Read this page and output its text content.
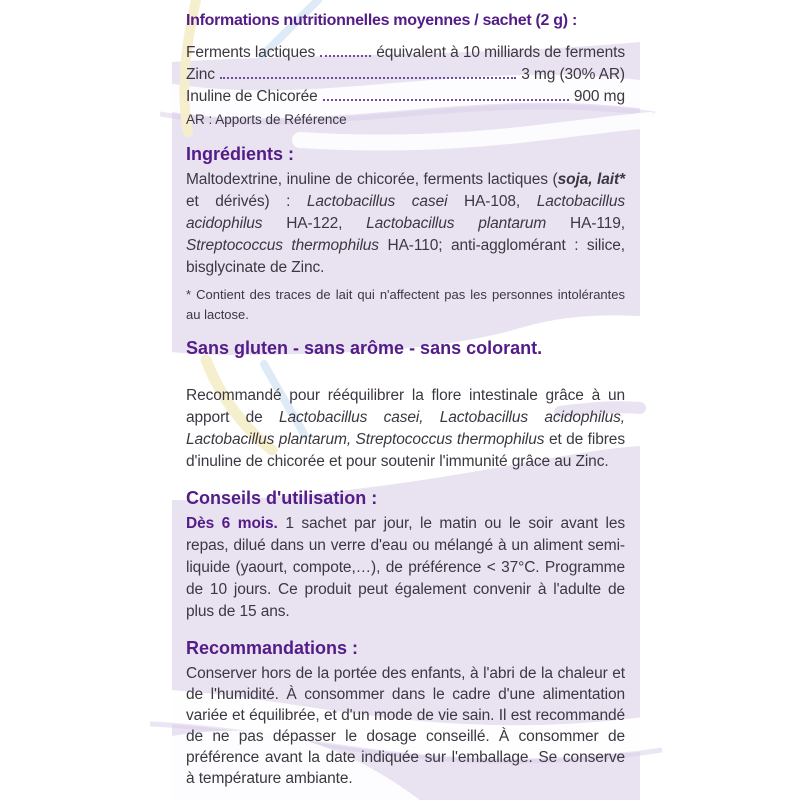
Informations nutritionnelles moyennes / sachet (2 g) :
Ferments lactiques	équivalent à 10 milliards de ferments
Zinc	3 mg (30% AR)
Inuline de Chicorée	900 mg
AR : Apports de Référence
Ingrédients :

Maltodextrine, inuline de chicorée, ferments lactiques (soja, lait* et dérivés) : Lactobacillus casei HA-108, Lactobacillus acidophilus HA-122, Lactobacillus plantarum HA-119, Streptococcus thermophilus HA-110; anti-agglomérant : silice, bisglycinate de Zinc.

* Contient des traces de lait qui n'affectent pas les personnes intolérantes au lactose.

Sans gluten - sans arôme - sans colorant.

Recommandé pour rééquilibrer la flore intestinale grâce à un apport de Lactobacillus casei, Lactobacillus acidophilus, Lactobacillus plantarum, Streptococcus thermophilus et de fibres d'inuline de chicorée et pour soutenir l'immunité grâce au Zinc.

Conseils d'utilisation :

Dès 6 mois. 1 sachet par jour, le matin ou le soir avant les repas, dilué dans un verre d'eau ou mélangé à un aliment semi-liquide (yaourt, compote,…), de préférence < 37°C. Programme de 10 jours. Ce produit peut également convenir à l'adulte de plus de 15 ans.

Recommandations :

Conserver hors de la portée des enfants, à l'abri de la chaleur et de l'humidité. À consommer dans le cadre d'une alimentation variée et équilibrée, et d'un mode de vie sain. Il est recommandé de ne pas dépasser le dosage conseillé. À consommer de préférence avant la date indiquée sur l'emballage. Se conserve à température ambiante.
